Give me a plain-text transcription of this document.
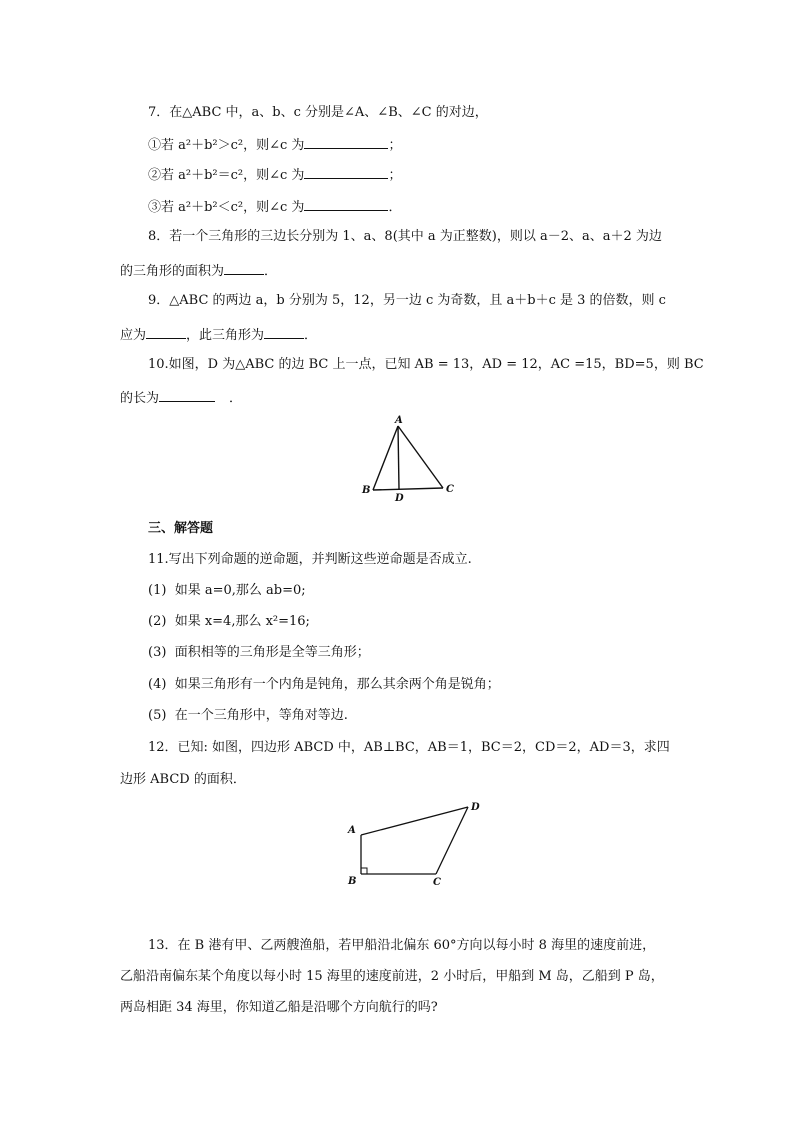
7．在△ABC 中，a、b、c 分别是∠A、∠B、∠C 的对边，
①若 a²＋b²＞c²，则∠c 为	；
②若 a²＋b²＝c²，则∠c 为	；
③若 a²＋b²＜c²，则∠c 为	．
8．若一个三角形的三边长分别为 1、a、8(其中 a 为正整数)，则以 a－2、a、a＋2 为边
的三角形的面积为	．
9．△ABC 的两边 a，b 分别为 5，12，另一边 c 为奇数，且 a＋b＋c 是 3 的倍数，则 c
应为	，此三角形为	．
10.如图，D 为△ABC 的边 BC 上一点，已知 AB = 13，AD = 12，AC =15，BD=5，则 BC
的长为	．
A
B	C
D
三、解答题
11.写出下列命题的逆命题，并判断这些逆命题是否成立.
(1) 如果 a=0,那么 ab=0;
(2) 如果 x=4,那么 x²=16;
(3) 面积相等的三角形是全等三角形；
(4) 如果三角形有一个内角是钝角，那么其余两个角是锐角；
(5) 在一个三角形中，等角对等边.
12．已知: 如图，四边形 ABCD 中，AB⊥BC，AB＝1，BC＝2，CD＝2，AD＝3，求四
边形 ABCD 的面积．
A
B	C
D
13．在 B 港有甲、乙两艘渔船，若甲船沿北偏东 60°方向以每小时 8 海里的速度前进，
乙船沿南偏东某个角度以每小时 15 海里的速度前进，2 小时后，甲船到 M 岛，乙船到 P 岛，
两岛相距 34 海里，你知道乙船是沿哪个方向航行的吗?
